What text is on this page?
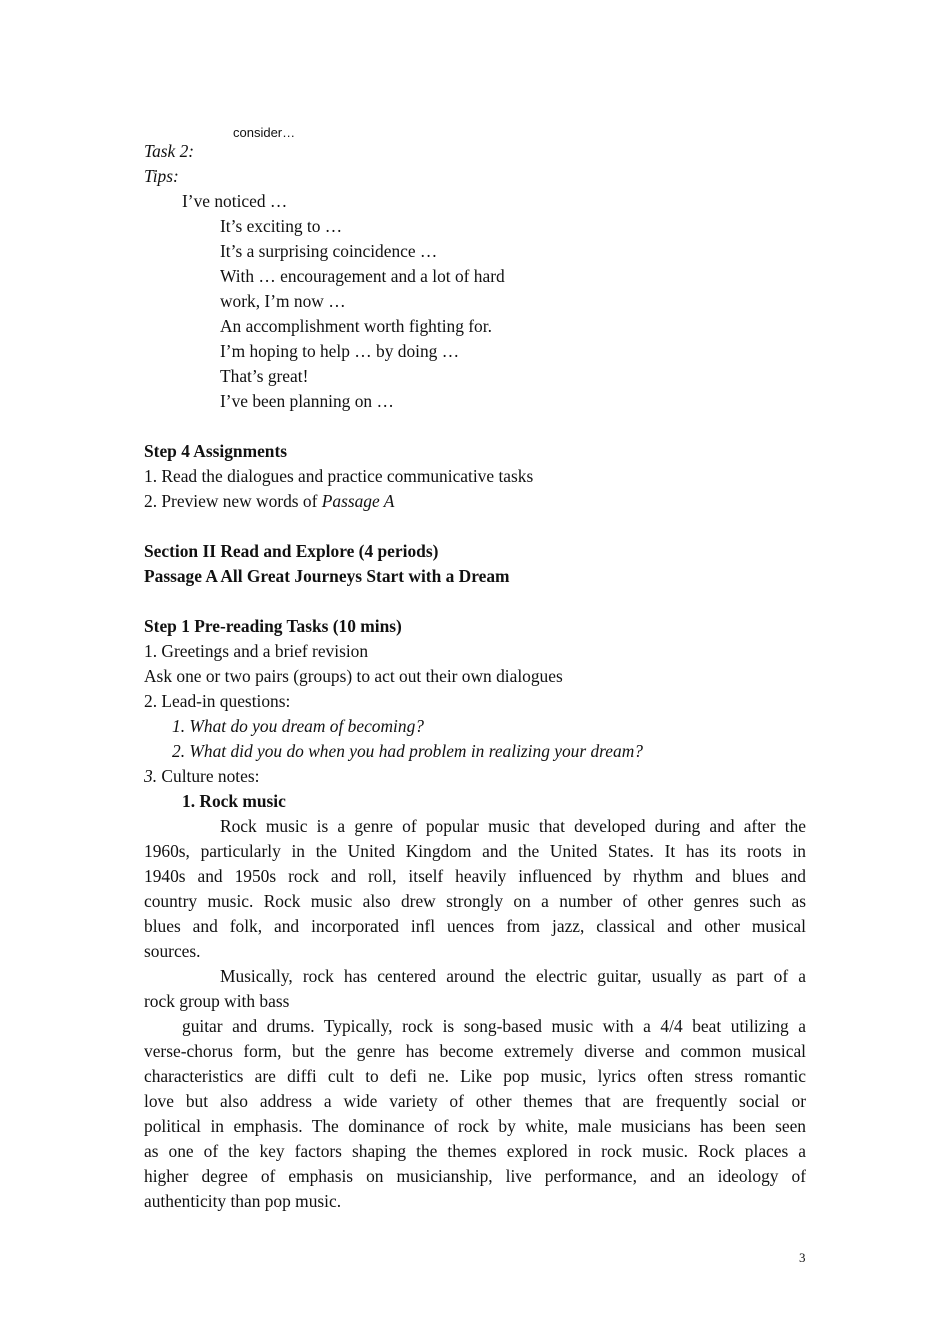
consider…
Task 2:
Tips:
I’ve noticed …
It’s exciting to …
It’s a surprising coincidence …
With … encouragement and a lot of hard
work, I’m now …
An accomplishment worth fighting for.
I’m hoping to help … by doing …
That’s great!
I’ve been planning on …
Step 4 Assignments
1. Read the dialogues and practice communicative tasks
2. Preview new words of Passage A
Section II Read and Explore (4 periods)
Passage A All Great Journeys Start with a Dream
Step 1 Pre-reading Tasks (10 mins)
1. Greetings and a brief revision
Ask one or two pairs (groups) to act out their own dialogues
2. Lead-in questions:
1. What do you dream of becoming?
2. What did you do when you had problem in realizing your dream?
3. Culture notes:
1. Rock music
Rock music is a genre of popular music that developed during and after the
1960s, particularly in the United Kingdom and the United States. It has its roots in
1940s and 1950s rock and roll, itself heavily influenced by rhythm and blues and
country music. Rock music also drew strongly on a number of other genres such as
blues and folk, and incorporated infl uences from jazz, classical and other musical
sources.
Musically, rock has centered around the electric guitar, usually as part of a
rock group with bass
guitar and drums. Typically, rock is song-based music with a 4/4 beat utilizing a
verse-chorus form, but the genre has become extremely diverse and common musical
characteristics are diffi cult to defi ne. Like pop music, lyrics often stress romantic
love but also address a wide variety of other themes that are frequently social or
political in emphasis. The dominance of rock by white, male musicians has been seen
as one of the key factors shaping the themes explored in rock music. Rock places a
higher degree of emphasis on musicianship, live performance, and an ideology of
authenticity than pop music.
3
